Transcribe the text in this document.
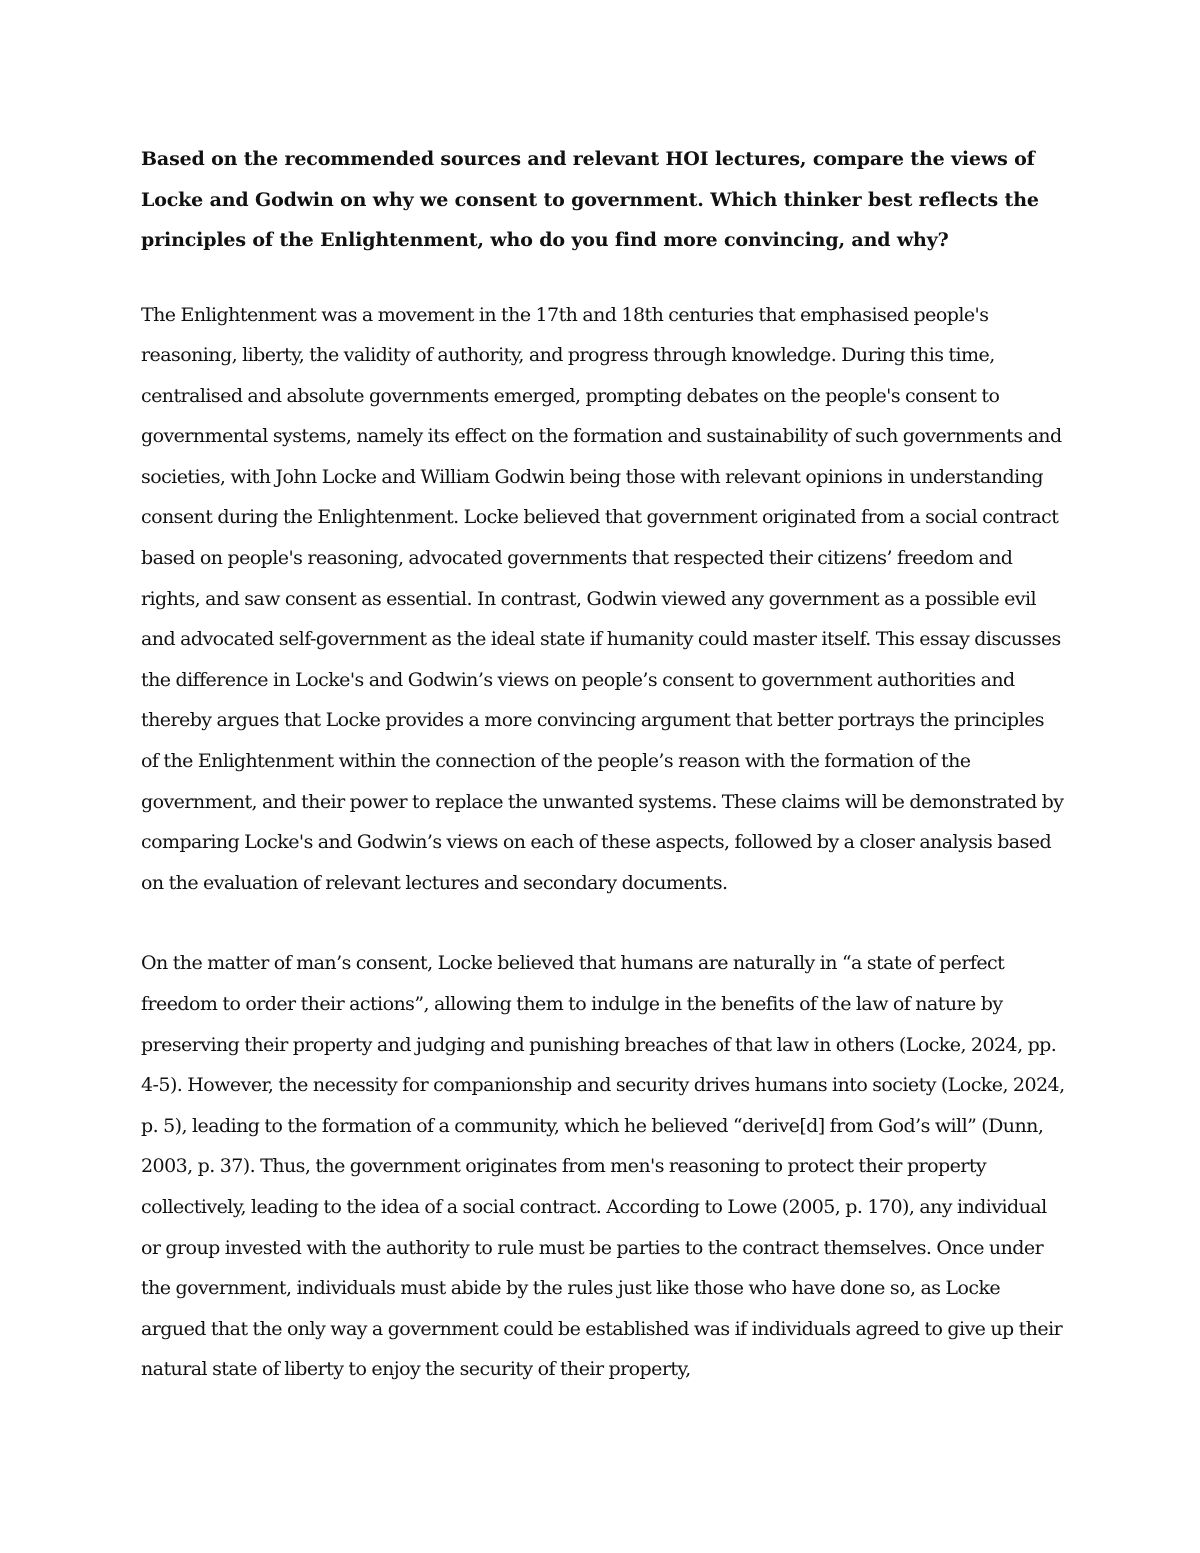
Based on the recommended sources and relevant HOI lectures, compare the views of Locke and Godwin on why we consent to government. Which thinker best reflects the principles of the Enlightenment, who do you find more convincing, and why?

The Enlightenment was a movement in the 17th and 18th centuries that emphasised people's reasoning, liberty, the validity of authority, and progress through knowledge. During this time, centralised and absolute governments emerged, prompting debates on the people's consent to governmental systems, namely its effect on the formation and sustainability of such governments and societies, with John Locke and William Godwin being those with relevant opinions in understanding consent during the Enlightenment. Locke believed that government originated from a social contract based on people's reasoning, advocated governments that respected their citizens’ freedom and rights, and saw consent as essential. In contrast, Godwin viewed any government as a possible evil and advocated self-government as the ideal state if humanity could master itself. This essay discusses the difference in Locke's and Godwin’s views on people’s consent to government authorities and thereby argues that Locke provides a more convincing argument that better portrays the principles of the Enlightenment within the connection of the people’s reason with the formation of the government, and their power to replace the unwanted systems. These claims will be demonstrated by comparing Locke's and Godwin’s views on each of these aspects, followed by a closer analysis based on the evaluation of relevant lectures and secondary documents.

On the matter of man’s consent, Locke believed that humans are naturally in “a state of perfect freedom to order their actions”, allowing them to indulge in the benefits of the law of nature by preserving their property and judging and punishing breaches of that law in others (Locke, 2024, pp. 4-5). However, the necessity for companionship and security drives humans into society (Locke, 2024, p. 5), leading to the formation of a community, which he believed “derive[d] from God’s will” (Dunn, 2003, p. 37). Thus, the government originates from men's reasoning to protect their property collectively, leading to the idea of a social contract. According to Lowe (2005, p. 170), any individual or group invested with the authority to rule must be parties to the contract themselves. Once under the government, individuals must abide by the rules just like those who have done so, as Locke argued that the only way a government could be established was if individuals agreed to give up their natural state of liberty to enjoy the security of their property,
